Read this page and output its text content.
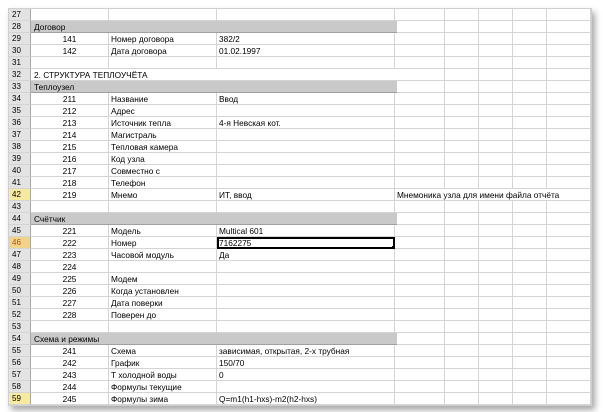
27
28	Договор
29	141	Номер договора	382/2
30	142	Дата договора	01.02.1997
31
32	2. СТРУКТУРА ТЕПЛОУЧЁТА
33	Теплоузел
34	211	Название	Ввод
35	212	Адрес
36	213	Источник тепла	4-я Невская кот.
37	214	Магистраль
38	215	Тепловая камера
39	216	Код узла
40	217	Совместно с
41	218	Телефон
42	219	Мнемо	ИТ, ввод	Мнемоника узла для имени файла отчёта
43
44	Счётчик
45	221	Модель	Multical 601
46	222	Номер	7162275
47	223	Часовой модуль	Да
48	224
49	225	Модем
50	226	Когда установлен
51	227	Дата поверки
52	228	Поверен до
53
54	Схема и режимы
55	241	Схема	зависимая, открытая, 2-х трубная
56	242	График	150/70
57	243	Т холодной воды	0
58	244	Формулы текущие
59	245	Формулы зима	Q=m1(h1-hxs)-m2(h2-hxs)
